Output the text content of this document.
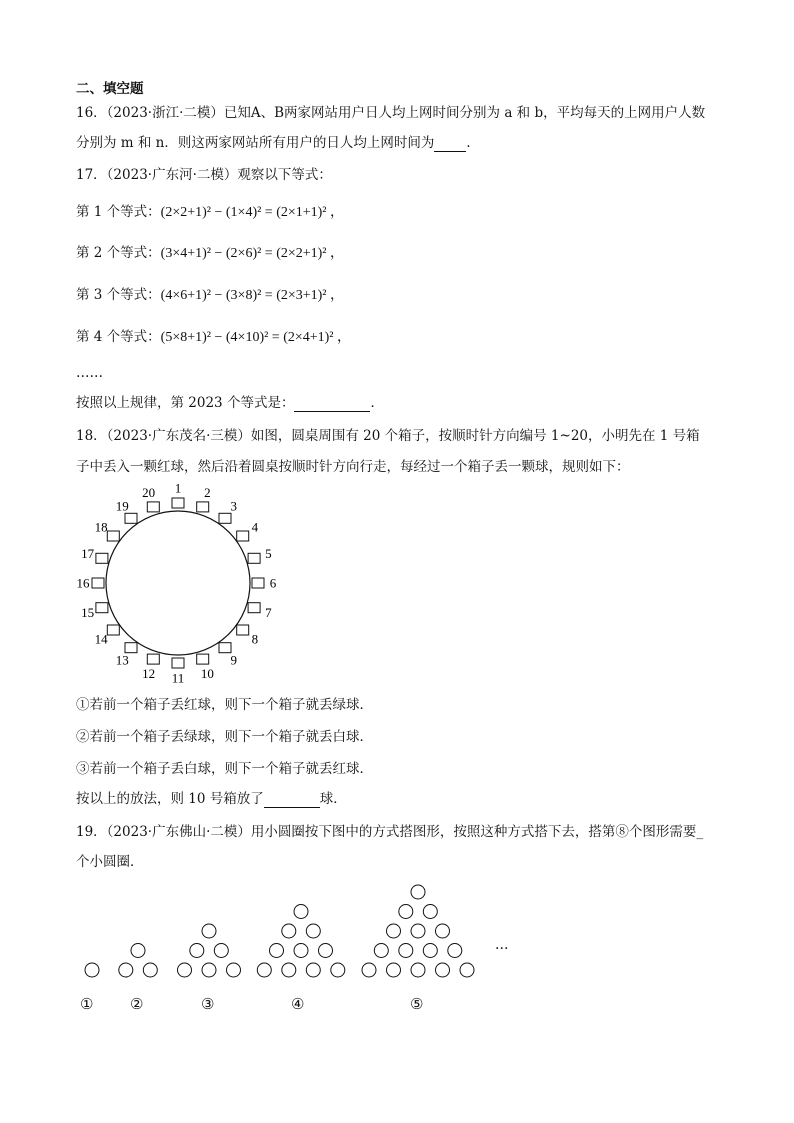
二、填空题
16．（2023·浙江·二模）已知A、B两家网站用户日人均上网时间分别为 a 和 b，平均每天的上网用户人数
分别为 m 和 n．则这两家网站所有用户的日人均上网时间为 ．
17．（2023·广东河·二模）观察以下等式：
第 1 个等式：(2×2+1)² − (1×4)² = (2×1+1)² ，
第 2 个等式：(3×4+1)² − (2×6)² = (2×2+1)² ，
第 3 个等式：(4×6+1)² − (3×8)² = (2×3+1)² ，
第 4 个等式：(5×8+1)² − (4×10)² = (2×4+1)² ，
……
按照以上规律，第 2023 个等式是：	．
18．（2023·广东茂名·三模）如图，圆桌周围有 20 个箱子，按顺时针方向编号 1~20，小明先在 1 号箱
子中丢入一颗红球，然后沿着圆桌按顺时针方向行走，每经过一个箱子丢一颗球，规则如下：
1 2
3
4
5
6
7
8
9
10
11
12
13
14
15
16
17
18
19
20
①若前一个箱子丢红球，则下一个箱子就丢绿球．
②若前一个箱子丢绿球，则下一个箱子就丢白球．
③若前一个箱子丢白球，则下一个箱子就丢红球．
按以上的放法，则 10 号箱放了	球．
19．（2023·广东佛山·二模）用小圆圈按下图中的方式搭图形，按照这种方式搭下去，搭第⑧个图形需要_
个小圆圈．
① ②	③	④	⑤
…
